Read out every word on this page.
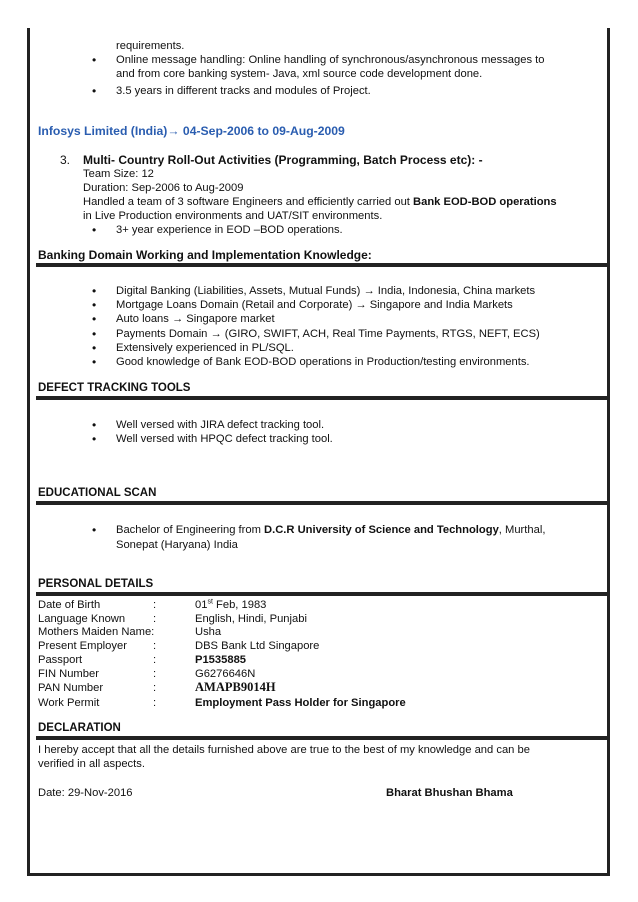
requirements.
• Online message handling: Online handling of synchronous/asynchronous messages to
and from core banking system- Java, xml source code development done.
• 3.5 years in different tracks and modules of Project.
Infosys Limited (India)→ 04-Sep-2006 to 09-Aug-2009
3. Multi- Country Roll-Out Activities (Programming, Batch Process etc): -
Team Size: 12
Duration: Sep-2006 to Aug-2009
Handled a team of 3 software Engineers and efficiently carried out Bank EOD-BOD operations
in Live Production environments and UAT/SIT environments.
• 3+ year experience in EOD –BOD operations.
Banking Domain Working and Implementation Knowledge:
• Digital Banking (Liabilities, Assets, Mutual Funds) → India, Indonesia, China markets
• Mortgage Loans Domain (Retail and Corporate) → Singapore and India Markets
• Auto loans → Singapore market
• Payments Domain → (GIRO, SWIFT, ACH, Real Time Payments, RTGS, NEFT, ECS)
• Extensively experienced in PL/SQL.
• Good knowledge of Bank EOD-BOD operations in Production/testing environments.
DEFECT TRACKING TOOLS
• Well versed with JIRA defect tracking tool.
• Well versed with HPQC defect tracking tool.
EDUCATIONAL SCAN
• Bachelor of Engineering from D.C.R University of Science and Technology, Murthal,
Sonepat (Haryana) India
PERSONAL DETAILS
Date of Birth	:	01st Feb, 1983
Language Known :	English, Hindi, Punjabi
Mothers Maiden Name:	Usha
Present Employer :	DBS Bank Ltd Singapore
Passport	:	P1535885
FIN Number	:	G6276646N
PAN Number	:	AMAPB9014H
Work Permit	:	Employment Pass Holder for Singapore
DECLARATION
I hereby accept that all the details furnished above are true to the best of my knowledge and can be
verified in all aspects.
Date: 29-Nov-2016	Bharat Bhushan Bhama
